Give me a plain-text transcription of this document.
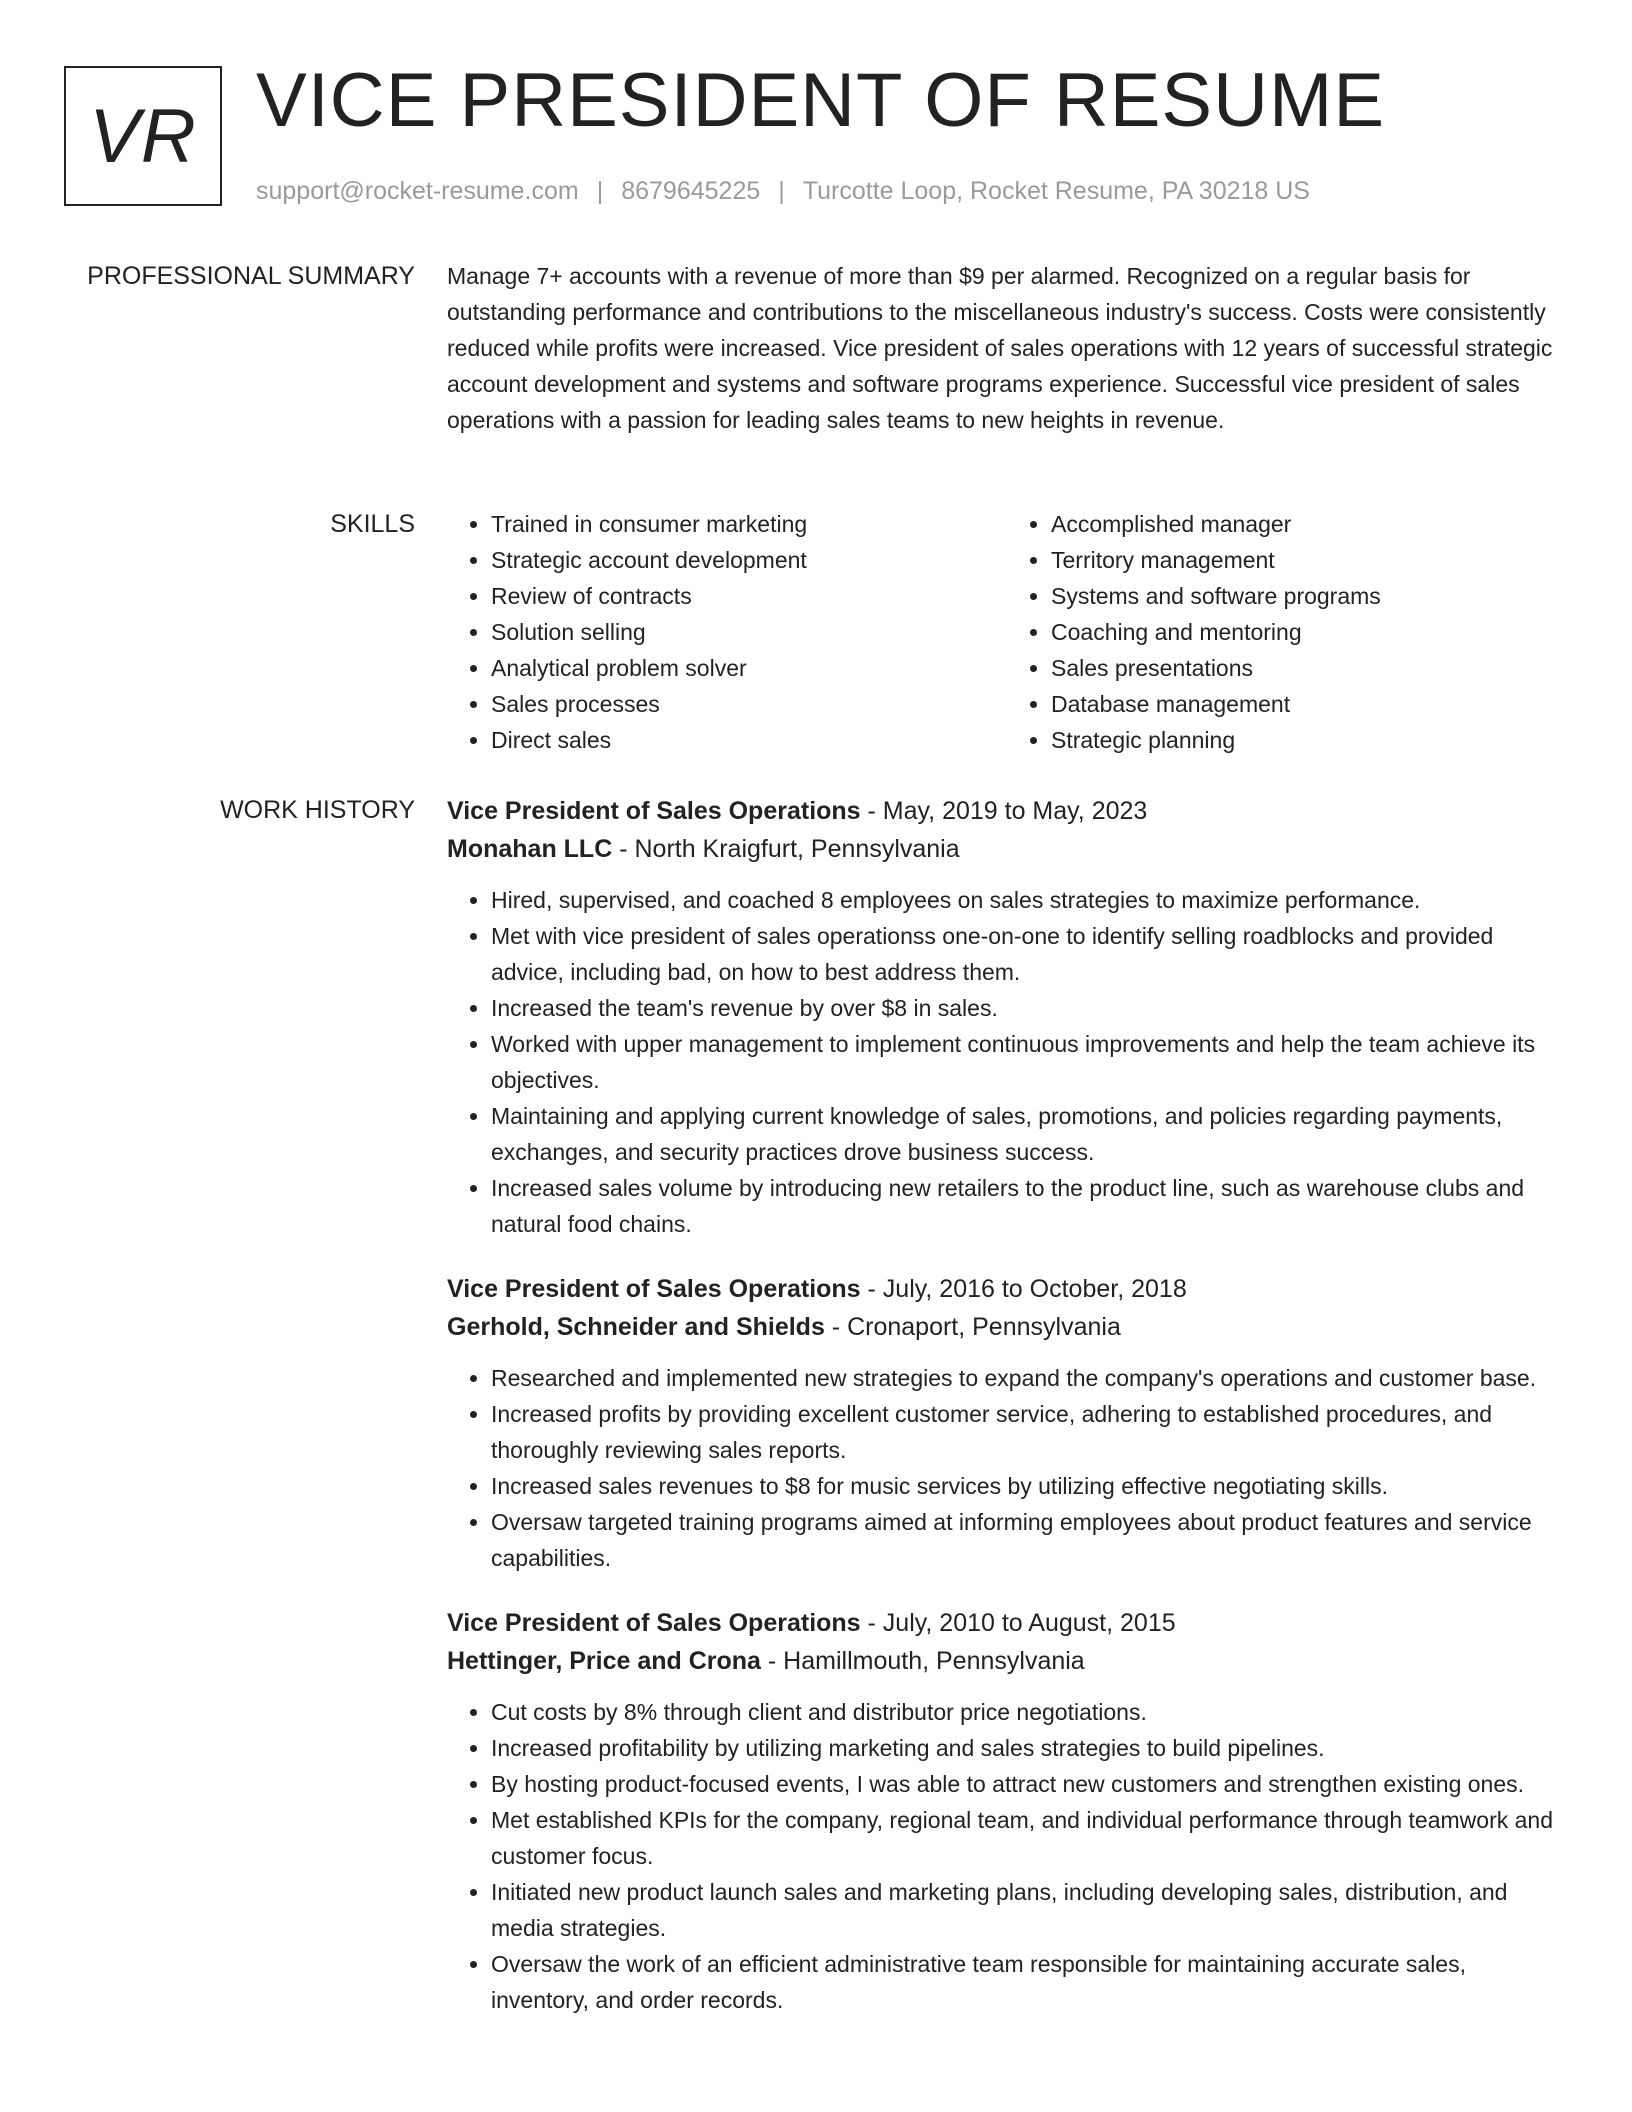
VR VICE PRESIDENT OF RESUME
support@rocket-resume.com | 8679645225 | Turcotte Loop, Rocket Resume, PA 30218 US
PROFESSIONAL SUMMARY Manage 7+ accounts with a revenue of more than $9 per alarmed. Recognized on a regular basis for outstanding performance and contributions to the miscellaneous industry's success. Costs were consistently reduced while profits were increased. Vice president of sales operations with 12 years of successful strategic account development and systems and software programs experience. Successful vice president of sales operations with a passion for leading sales teams to new heights in revenue.

SKILLS
•	Trained in consumer marketing
• Strategic account development
• Review of contracts
• Solution selling
• Analytical problem solver
• Sales processes
• Direct sales
• Accomplished manager
• Territory management
• Systems and software programs
• Coaching and mentoring
• Sales presentations
• Database management
• Strategic planning
WORK HISTORY Vice President of Sales Operations - May, 2019 to May, 2023
Monahan LLC - North Kraigfurt, Pennsylvania
• Hired, supervised, and coached 8 employees on sales strategies to maximize performance.
• Met with vice president of sales operationss one-on-one to identify selling roadblocks and provided advice, including bad, on how to best address them.
• Increased the team's revenue by over $8 in sales.
• Worked with upper management to implement continuous improvements and help the team achieve its objectives.
• Maintaining and applying current knowledge of sales, promotions, and policies regarding payments, exchanges, and security practices drove business success.
• Increased sales volume by introducing new retailers to the product line, such as warehouse clubs and natural food chains.
Vice President of Sales Operations - July, 2016 to October, 2018
Gerhold, Schneider and Shields - Cronaport, Pennsylvania
• Researched and implemented new strategies to expand the company's operations and customer base.
• Increased profits by providing excellent customer service, adhering to established procedures, and thoroughly reviewing sales reports.
• Increased sales revenues to $8 for music services by utilizing effective negotiating skills.
• Oversaw targeted training programs aimed at informing employees about product features and service capabilities.
Vice President of Sales Operations - July, 2010 to August, 2015
Hettinger, Price and Crona - Hamillmouth, Pennsylvania
• Cut costs by 8% through client and distributor price negotiations.
• Increased profitability by utilizing marketing and sales strategies to build pipelines.
• By hosting product-focused events, I was able to attract new customers and strengthen existing ones.
• Met established KPIs for the company, regional team, and individual performance through teamwork and customer focus.
• Initiated new product launch sales and marketing plans, including developing sales, distribution, and media strategies.
• Oversaw the work of an efficient administrative team responsible for maintaining accurate sales, inventory, and order records.
